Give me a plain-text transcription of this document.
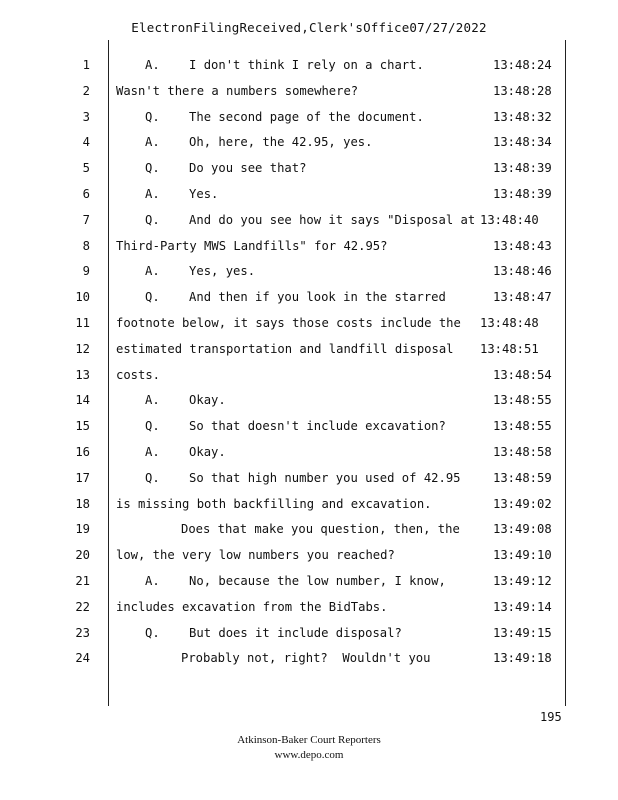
ElectronFilingReceived,Clerk'sOffice07/27/2022
1	A.    I don't think I rely on a chart.	13:48:24
2 Wasn't there a numbers somewhere?	13:48:28
3	Q.    The second page of the document.	13:48:32
4	A.    Oh, here, the 42.95, yes.	13:48:34
5	Q.    Do you see that?	13:48:39
6	A.    Yes.	13:48:39
7	Q.    And do you see how it says "Disposal at 13:48:40
8 Third-Party MWS Landfills" for 42.95?	13:48:43
9	A.    Yes, yes.	13:48:46
10	Q.    And then if you look in the starred	13:48:47
11 footnote below, it says those costs include the 13:48:48
12 estimated transportation and landfill disposal 13:48:51
13 costs.	13:48:54
14	A.    Okay.	13:48:55
15	Q.    So that doesn't include excavation?	13:48:55
16	A.    Okay.	13:48:58
17	Q.    So that high number you used of 42.95	13:48:59
18 is missing both backfilling and excavation.	13:49:02
19	Does that make you question, then, the	13:49:08
20 low, the very low numbers you reached?	13:49:10
21	A.    No, because the low number, I know,	13:49:12
22 includes excavation from the BidTabs.	13:49:14
23	Q.    But does it include disposal?	13:49:15
24	Probably not, right?  Wouldn't you	13:49:18
195
Atkinson-Baker Court Reporters
www.depo.com
